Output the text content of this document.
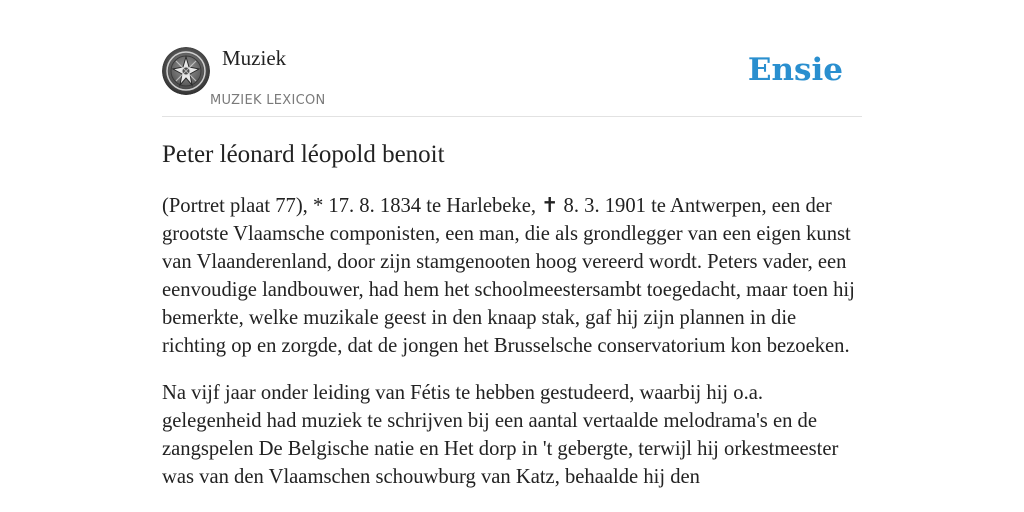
Muziek
MUZIEK LEXICON
Ensie
Peter léonard léopold benoit

(Portret plaat 77), * 17. 8. 1834 te Harlebeke, ✝ 8. 3. 1901 te Antwerpen, een der grootste Vlaamsche componisten, een man, die als grondlegger van een eigen kunst van Vlaanderenland, door zijn stamgenooten hoog vereerd wordt. Peters vader, een eenvoudige landbouwer, had hem het schoolmeestersambt toegedacht, maar toen hij bemerkte, welke muzikale geest in den knaap stak, gaf hij zijn plannen in die richting op en zorgde, dat de jongen het Brusselsche conservatorium kon bezoeken.

Na vijf jaar onder leiding van Fétis te hebben gestudeerd, waarbij hij o.a. gelegenheid had muziek te schrijven bij een aantal vertaalde melodrama's en de zangspelen De Belgische natie en Het dorp in 't gebergte, terwijl hij orkestmeester was van den Vlaamschen schouwburg van Katz, behaalde hij den
